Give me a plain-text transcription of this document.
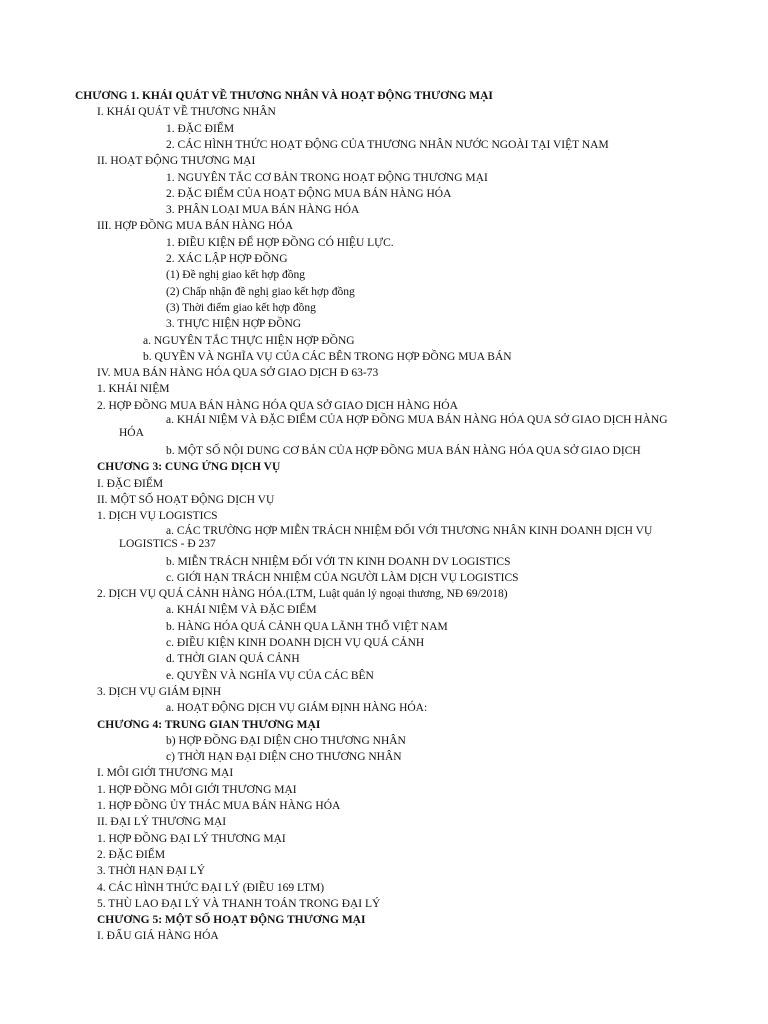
CHƯƠNG 1. KHÁI QUÁT VỀ THƯƠNG NHÂN VÀ HOẠT ĐỘNG THƯƠNG MẠI
I. KHÁI QUÁT VỀ THƯƠNG NHÂN
1. ĐẶC ĐIỂM
2. CÁC HÌNH THỨC HOẠT ĐỘNG CỦA THƯƠNG NHÂN NƯỚC NGOÀI TẠI VIỆT NAM
II. HOẠT ĐỘNG THƯƠNG MẠI
1. NGUYÊN TẮC CƠ BẢN TRONG HOẠT ĐỘNG THƯƠNG MẠI
2. ĐẶC ĐIỂM CỦA HOẠT ĐỘNG MUA BÁN HÀNG HÓA
3. PHÂN LOẠI MUA BÁN HÀNG HÓA
III. HỢP ĐỒNG MUA BÁN HÀNG HÓA
1. ĐIỀU KIỆN ĐỂ HỢP ĐỒNG CÓ HIỆU LỰC.
2. XÁC LẬP HỢP ĐỒNG
(1) Đề nghị giao kết hợp đồng
(2) Chấp nhận đề nghị giao kết hợp đồng
(3) Thời điểm giao kết hợp đồng
3. THỰC HIỆN HỢP ĐỒNG
a. NGUYÊN TẮC THỰC HIỆN HỢP ĐỒNG
b. QUYỀN VÀ NGHĨA VỤ CỦA CÁC BÊN TRONG HỢP ĐỒNG MUA BÁN
IV. MUA BÁN HÀNG HÓA QUA SỞ GIAO DỊCH Đ 63-73
1. KHÁI NIỆM
2. HỢP ĐỒNG MUA BÁN HÀNG HÓA QUA SỞ GIAO DỊCH HÀNG HÓA
a. KHÁI NIỆM VÀ ĐẶC ĐIỂM CỦA HỢP ĐỒNG MUA BÁN HÀNG HÓA QUA SỞ GIAO DỊCH HÀNG
HÓA
b. MỘT SỐ NỘI DUNG CƠ BẢN CỦA HỢP ĐỒNG MUA BÁN HÀNG HÓA QUA SỞ GIAO DỊCH
CHƯƠNG 3: CUNG ỨNG DỊCH VỤ
I. ĐẶC ĐIỂM
II. MỘT SỐ HOẠT ĐỘNG DỊCH VỤ
1. DỊCH VỤ LOGISTICS
a. CÁC TRƯỜNG HỢP MIỄN TRÁCH NHIỆM ĐỐI VỚI THƯƠNG NHÂN KINH DOANH DỊCH VỤ
LOGISTICS - Đ 237
b. MIỄN TRÁCH NHIỆM ĐỐI VỚI TN KINH DOANH DV LOGISTICS
c. GIỚI HẠN TRÁCH NHIỆM CỦA NGƯỜI LÀM DỊCH VỤ LOGISTICS
2. DỊCH VỤ QUÁ CẢNH HÀNG HÓA.(LTM, Luật quản lý ngoại thương, NĐ 69/2018)
a. KHÁI NIỆM VÀ ĐẶC ĐIỂM
b. HÀNG HÓA QUÁ CẢNH QUA LÃNH THỔ VIỆT NAM
c. ĐIỀU KIỆN KINH DOANH DỊCH VỤ QUÁ CẢNH
d. THỜI GIAN QUÁ CẢNH
e. QUYỀN VÀ NGHĨA VỤ CỦA CÁC BÊN
3. DỊCH VỤ GIÁM ĐỊNH
a. HOẠT ĐỘNG DỊCH VỤ GIÁM ĐỊNH HÀNG HÓA:
CHƯƠNG 4: TRUNG GIAN THƯƠNG MẠI
b) HỢP ĐỒNG ĐẠI DIỆN CHO THƯƠNG NHÂN
c) THỜI HẠN ĐẠI DIỆN CHO THƯƠNG NHÂN
I. MÔI GIỚI THƯƠNG MẠI
1. HỢP ĐỒNG MÔI GIỚI THƯƠNG MẠI
1. HỢP ĐỒNG ỦY THÁC MUA BÁN HÀNG HÓA
II. ĐẠI LÝ THƯƠNG MẠI
1. HỢP ĐỒNG ĐẠI LÝ THƯƠNG MẠI
2. ĐẶC ĐIỂM
3. THỜI HẠN ĐẠI LÝ
4. CÁC HÌNH THỨC ĐẠI LÝ (ĐIỀU 169 LTM)
5. THÙ LAO ĐẠI LÝ VÀ THANH TOÁN TRONG ĐẠI LÝ
CHƯƠNG 5: MỘT SỐ HOẠT ĐỘNG THƯƠNG MẠI
I. ĐẤU GIÁ HÀNG HÓA
